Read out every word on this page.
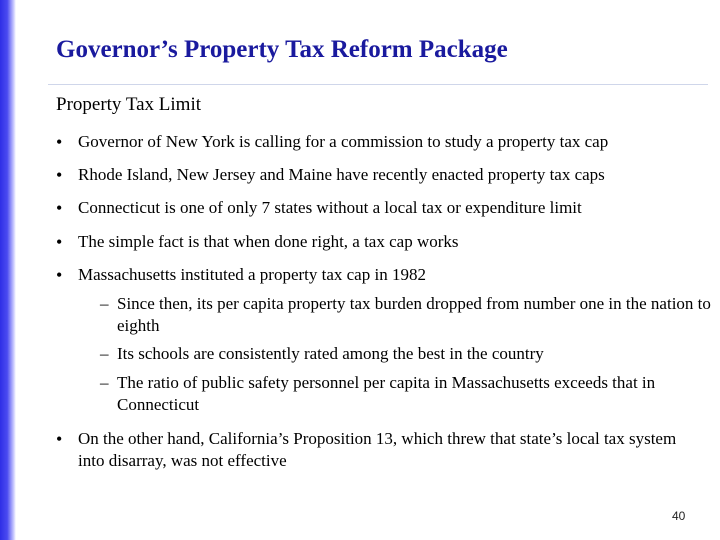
Governor’s Property Tax Reform Package
Property Tax Limit
• Governor of New York is calling for a commission to study a property tax cap
• Rhode Island, New Jersey and Maine have recently enacted property tax caps
• Connecticut is one of only 7 states without a local tax or expenditure limit
• The simple fact is that when done right, a tax cap works
• Massachusetts instituted a property tax cap in 1982
– Since then, its per capita property tax burden dropped from number one in the nation to eighth
– Its schools are consistently rated among the best in the country
– The ratio of public safety personnel per capita in Massachusetts exceeds that in Connecticut
• On the other hand, California’s Proposition 13, which threw that state’s local tax system into disarray, was not effective
40
